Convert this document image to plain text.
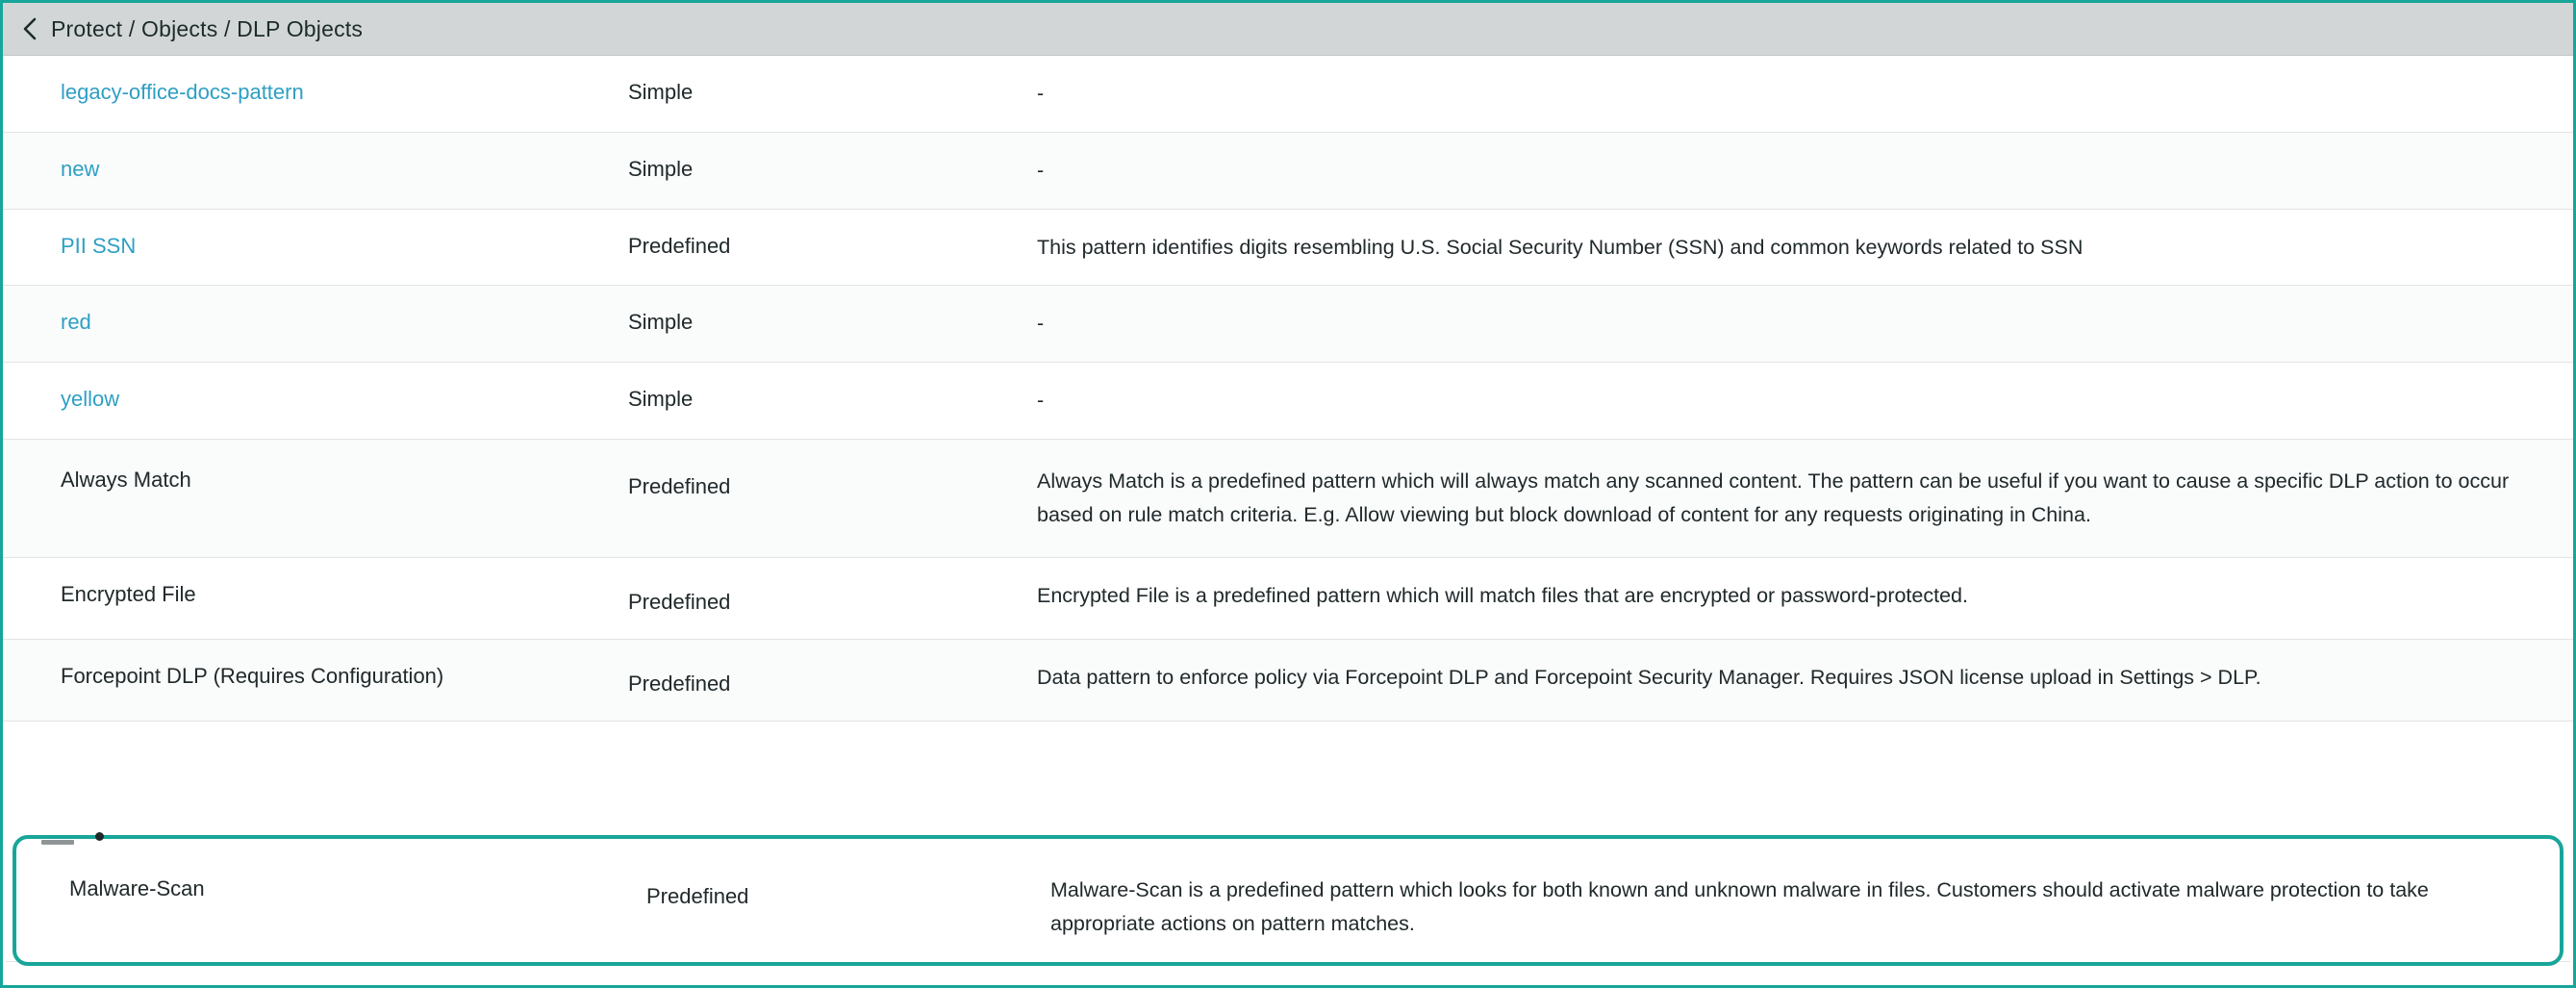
Protect / Objects / DLP Objects
legacy-office-docs-pattern	Simple	-
new	Simple	-
PII SSN	Predefined	This pattern identifies digits resembling U.S. Social Security Number (SSN) and common keywords related to SSN
red	Simple	-
yellow	Simple	-
Always Match	Predefined	Always Match is a predefined pattern which will always match any scanned content. The pattern can be useful if you want to cause a specific DLP action to occur based on rule match criteria. E.g. Allow viewing but block download of content for any requests originating in China.
Encrypted File	Predefined	Encrypted File is a predefined pattern which will match files that are encrypted or password-protected.
Forcepoint DLP (Requires Configuration)	Predefined	Data pattern to enforce policy via Forcepoint DLP and Forcepoint Security Manager. Requires JSON license upload in Settings > DLP.
Malware-Scan	Predefined	Malware-Scan is a predefined pattern which looks for both known and unknown malware in files. Customers should activate malware protection to take appropriate actions on pattern matches.
